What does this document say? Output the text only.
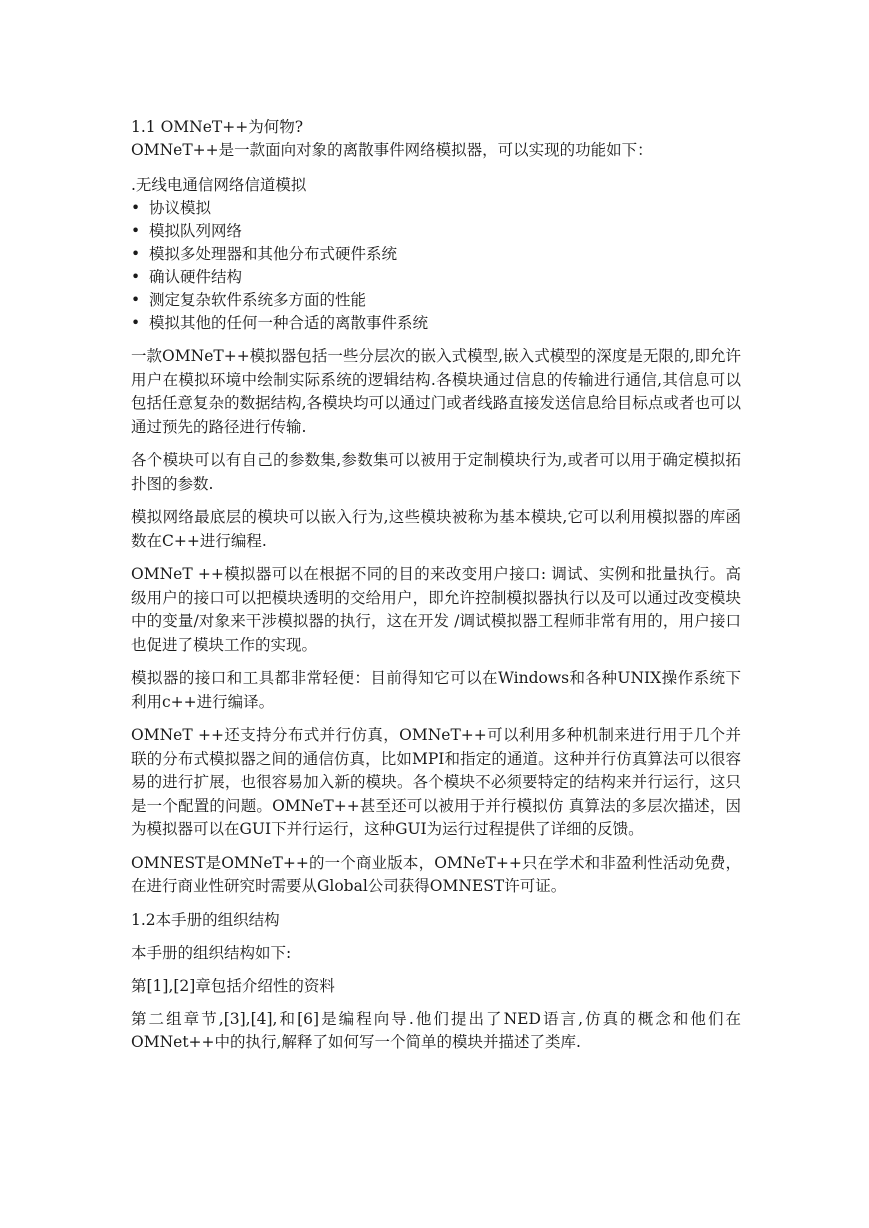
1.1 OMNeT++为何物?

OMNeT++是一款面向对象的离散事件网络模拟器，可以实现的功能如下：

.无线电通信网络信道模拟

• 协议模拟
• 模拟队列网络
• 模拟多处理器和其他分布式硬件系统
• 确认硬件结构
• 测定复杂软件系统多方面的性能
• 模拟其他的任何一种合适的离散事件系统

一款OMNeT++模拟器包括一些分层次的嵌入式模型,嵌入式模型的深度是无限的,即允许用户在模拟环境中绘制实际系统的逻辑结构.各模块通过信息的传输进行通信,其信息可以包括任意复杂的数据结构,各模块均可以通过门或者线路直接发送信息给目标点或者也可以通过预先的路径进行传输.

各个模块可以有自己的参数集,参数集可以被用于定制模块行为,或者可以用于确定模拟拓扑图的参数.

模拟网络最底层的模块可以嵌入行为,这些模块被称为基本模块,它可以利用模拟器的库函数在C++进行编程.

OMNeT ++模拟器可以在根据不同的目的来改变用户接口: 调试、实例和批量执行。高级用户的接口可以把模块透明的交给用户，即允许控制模拟器执行以及可以通过改变模块中的变量/对象来干涉模拟器的执行，这在开发 /调试模拟器工程师非常有用的，用户接口也促进了模块工作的实现。

模拟器的接口和工具都非常轻便：目前得知它可以在Windows和各种UNIX操作系统下利用c++进行编译。

OMNeT ++还支持分布式并行仿真，OMNeT++可以利用多种机制来进行用于几个并联的分布式模拟器之间的通信仿真，比如MPI和指定的通道。这种并行仿真算法可以很容易的进行扩展，也很容易加入新的模块。各个模块不必须要特定的结构来并行运行，这只是一个配置的问题。OMNeT++甚至还可以被用于并行模拟仿 真算法的多层次描述，因为模拟器可以在GUI下并行运行，这种GUI为运行过程提供了详细的反馈。

OMNEST是OMNeT++的一个商业版本，OMNeT++只在学术和非盈利性活动免费，在进行商业性研究时需要从Global公司获得OMNEST许可证。

1.2本手册的组织结构

本手册的组织结构如下:

第[1],[2]章包括介绍性的资料

第二组章节,[3],[4],和[6]是编程向导.他们提出了NED语言,仿真的概念和他们在OMNet++中的执行,解释了如何写一个简单的模块并描述了类库.
